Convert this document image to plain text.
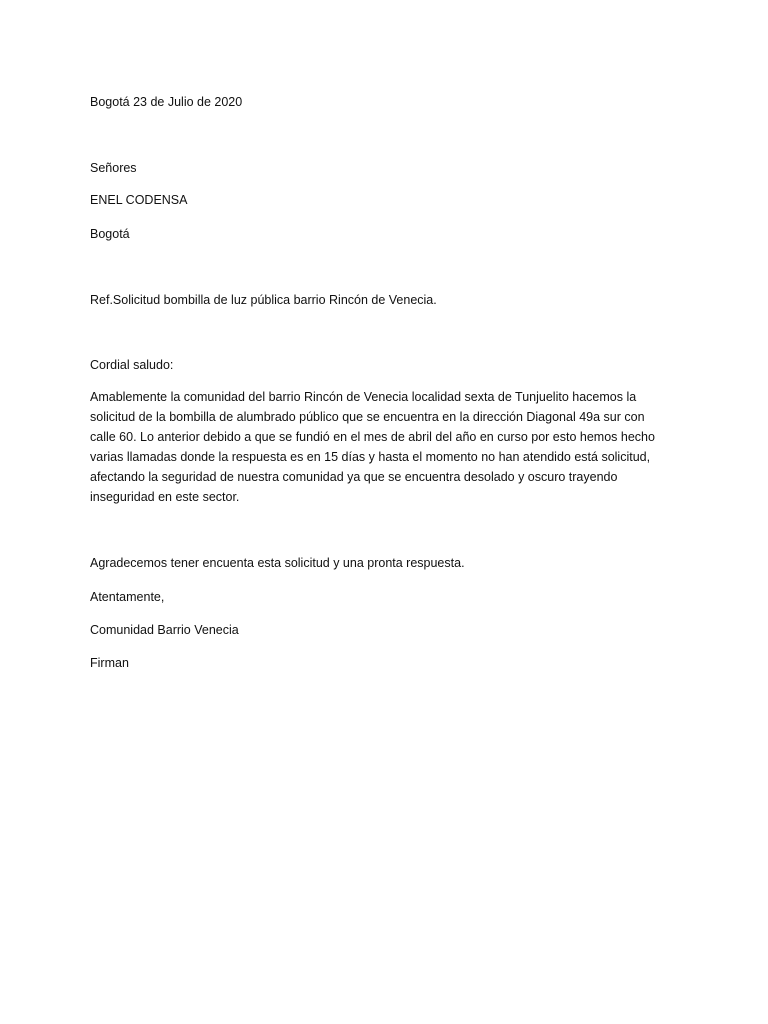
Bogotá 23 de Julio de 2020
Señores
ENEL CODENSA
Bogotá
Ref.Solicitud bombilla de luz pública barrio Rincón de Venecia.
Cordial saludo:
Amablemente la comunidad del barrio Rincón de Venecia localidad sexta de Tunjuelito hacemos la
solicitud de la bombilla de alumbrado público que se encuentra en la dirección Diagonal 49a sur con
calle 60. Lo anterior debido a que se fundió en el mes de abril del año en curso por esto hemos hecho
varias llamadas donde la respuesta es en 15 días y hasta el momento no han atendido está solicitud,
afectando la seguridad de nuestra comunidad ya que se encuentra desolado y oscuro trayendo
inseguridad en este sector.
Agradecemos tener encuenta esta solicitud y una pronta respuesta.
Atentamente,
Comunidad Barrio Venecia
Firman
